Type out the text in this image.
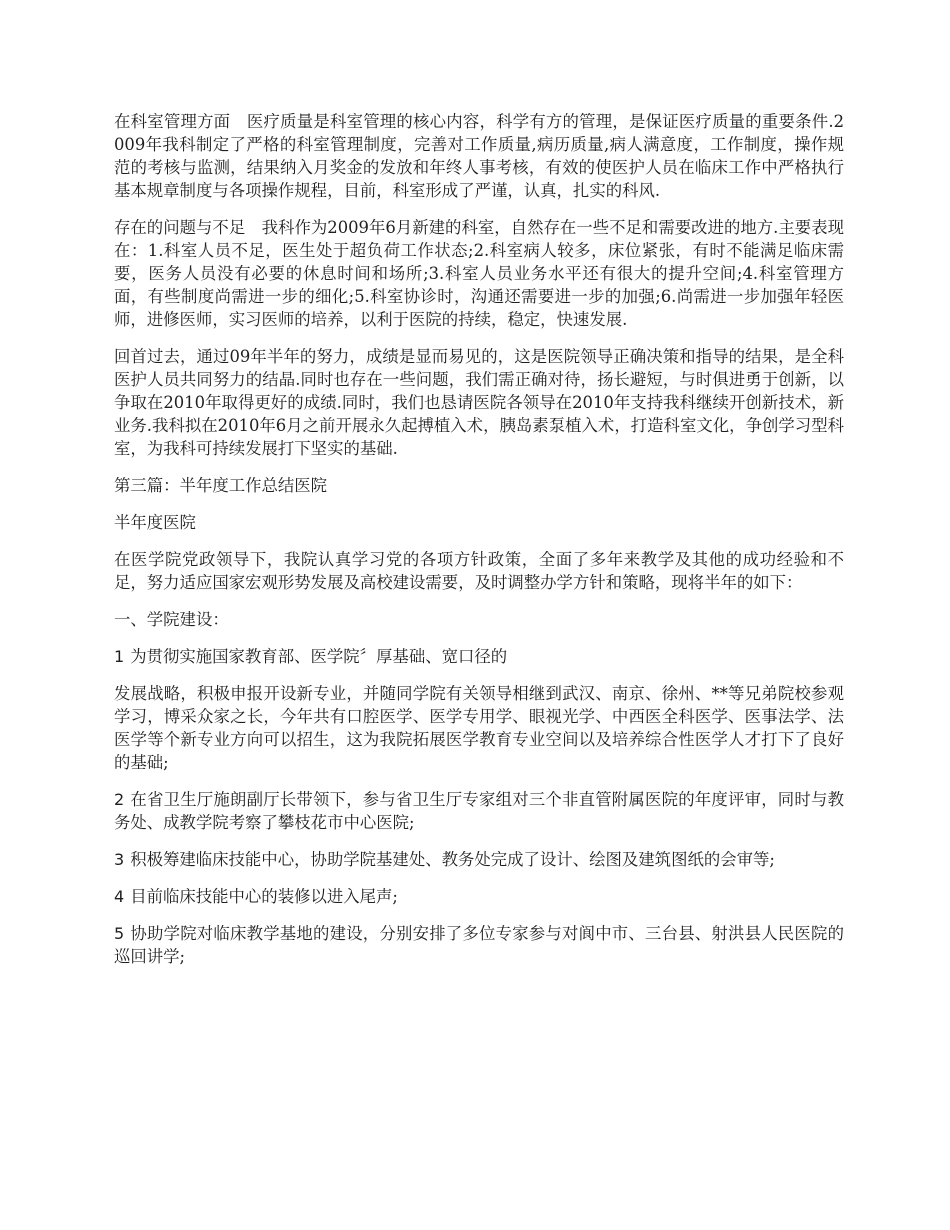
在科室管理方面　医疗质量是科室管理的核心内容，科学有方的管理，是保证医疗质量的重要条件.2009年我科制定了严格的科室管理制度，完善对工作质量,病历质量,病人满意度，工作制度，操作规范的考核与监测，结果纳入月奖金的发放和年终人事考核，有效的使医护人员在临床工作中严格执行基本规章制度与各项操作规程，目前，科室形成了严谨，认真，扎实的科风.

存在的问题与不足　我科作为2009年6月新建的科室，自然存在一些不足和需要改进的地方.主要表现在：1.科室人员不足，医生处于超负荷工作状态;2.科室病人较多，床位紧张，有时不能满足临床需要，医务人员没有必要的休息时间和场所;3.科室人员业务水平还有很大的提升空间;4.科室管理方面，有些制度尚需进一步的细化;5.科室协诊时，沟通还需要进一步的加强;6.尚需进一步加强年轻医师，进修医师，实习医师的培养，以利于医院的持续，稳定，快速发展.

回首过去，通过09年半年的努力，成绩是显而易见的，这是医院领导正确决策和指导的结果，是全科医护人员共同努力的结晶.同时也存在一些问题，我们需正确对待，扬长避短，与时俱进勇于创新，以争取在2010年取得更好的成绩.同时，我们也恳请医院各领导在2010年支持我科继续开创新技术，新业务.我科拟在2010年6月之前开展永久起搏植入术，胰岛素泵植入术，打造科室文化，争创学习型科室，为我科可持续发展打下坚实的基础.

第三篇：半年度工作总结医院

半年度医院

在医学院党政领导下，我院认真学习党的各项方针政策，全面了多年来教学及其他的成功经验和不足，努力适应国家宏观形势发展及高校建设需要，及时调整办学方针和策略，现将半年的如下：

一、学院建设：

1 为贯彻实施国家教育部、医学院〞厚基础、宽口径的

发展战略，积极申报开设新专业，并随同学院有关领导相继到武汉、南京、徐州、**等兄弟院校参观学习，博采众家之长，今年共有口腔医学、医学专用学、眼视光学、中西医全科医学、医事法学、法医学等个新专业方向可以招生，这为我院拓展医学教育专业空间以及培养综合性医学人才打下了良好的基础;

2 在省卫生厅施朗副厅长带领下，参与省卫生厅专家组对三个非直管附属医院的年度评审，同时与教务处、成教学院考察了攀枝花市中心医院;

3 积极筹建临床技能中心，协助学院基建处、教务处完成了设计、绘图及建筑图纸的会审等;

4 目前临床技能中心的装修以进入尾声;

5 协助学院对临床教学基地的建设，分别安排了多位专家参与对阆中市、三台县、射洪县人民医院的巡回讲学;
